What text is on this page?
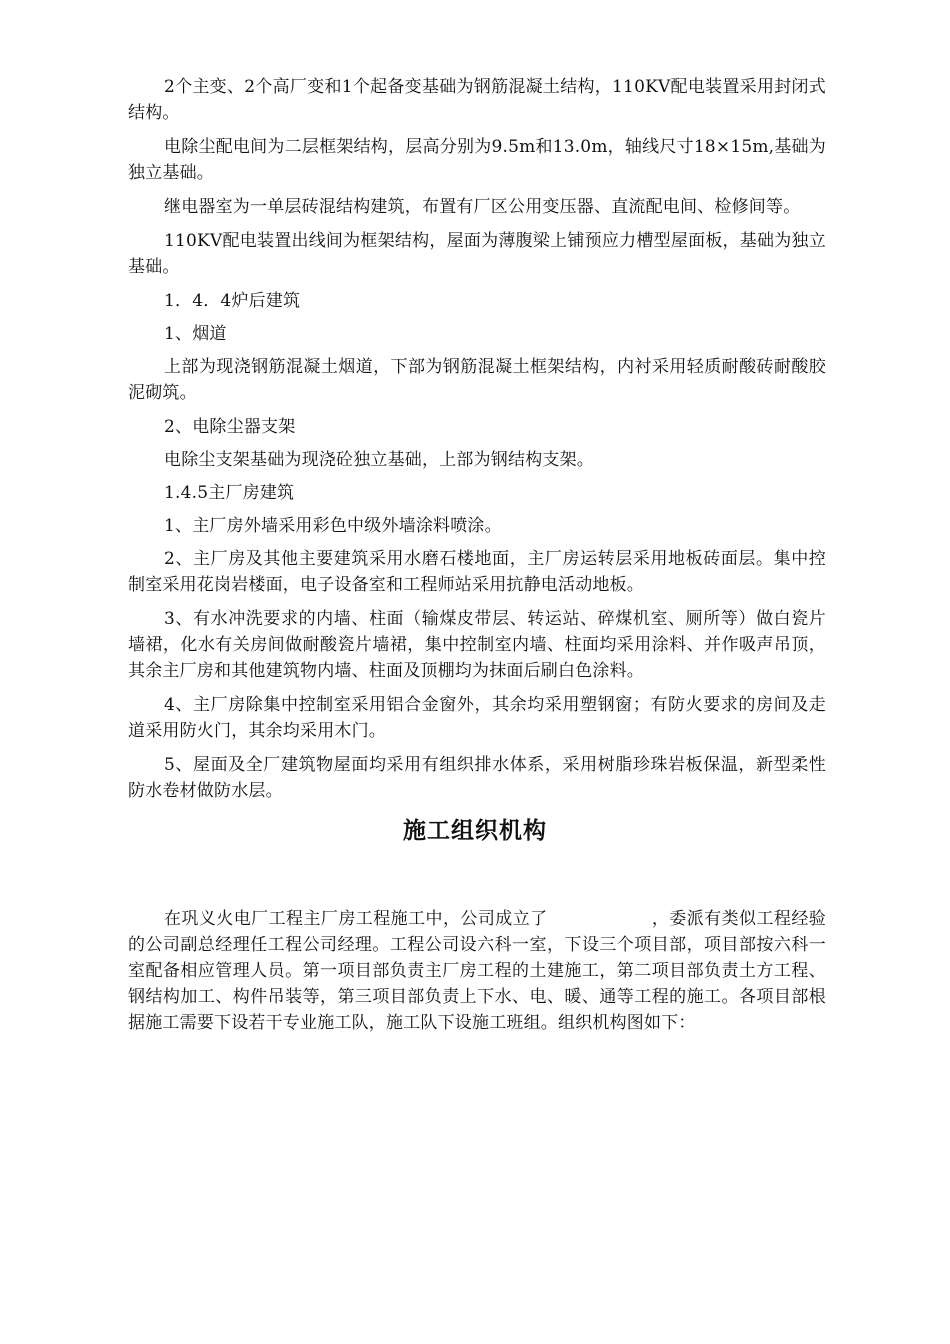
2个主变、2个高厂变和1个起备变基础为钢筋混凝土结构，110KV配电装置采用封闭式结构。

电除尘配电间为二层框架结构，层高分别为9.5m和13.0m，轴线尺寸18×15m,基础为独立基础。

继电器室为一单层砖混结构建筑，布置有厂区公用变压器、直流配电间、检修间等。

110KV配电装置出线间为框架结构，屋面为薄腹梁上铺预应力槽型屋面板，基础为独立基础。

1．4．4炉后建筑

1、烟道

上部为现浇钢筋混凝土烟道，下部为钢筋混凝土框架结构，内衬采用轻质耐酸砖耐酸胶泥砌筑。

2、电除尘器支架

电除尘支架基础为现浇砼独立基础，上部为钢结构支架。

1.4.5主厂房建筑

1、主厂房外墙采用彩色中级外墙涂料喷涂。

2、主厂房及其他主要建筑采用水磨石楼地面，主厂房运转层采用地板砖面层。集中控制室采用花岗岩楼面，电子设备室和工程师站采用抗静电活动地板。

3、有水冲洗要求的内墙、柱面（输煤皮带层、转运站、碎煤机室、厕所等）做白瓷片墙裙，化水有关房间做耐酸瓷片墙裙，集中控制室内墙、柱面均采用涂料、并作吸声吊顶，其余主厂房和其他建筑物内墙、柱面及顶棚均为抹面后刷白色涂料。

4、主厂房除集中控制室采用铝合金窗外，其余均采用塑钢窗；有防火要求的房间及走道采用防火门，其余均采用木门。

5、屋面及全厂建筑物屋面均采用有组织排水体系，采用树脂珍珠岩板保温，新型柔性防水卷材做防水层。

施工组织机构

在巩义火电厂工程主厂房工程施工中，公司成立了	，委派有类似工程经验的公司副总经理任工程公司经理。工程公司设六科一室，下设三个项目部，项目部按六科一室配备相应管理人员。第一项目部负责主厂房工程的土建施工，第二项目部负责土方工程、钢结构加工、构件吊装等，第三项目部负责上下水、电、暖、通等工程的施工。各项目部根据施工需要下设若干专业施工队，施工队下设施工班组。组织机构图如下：
